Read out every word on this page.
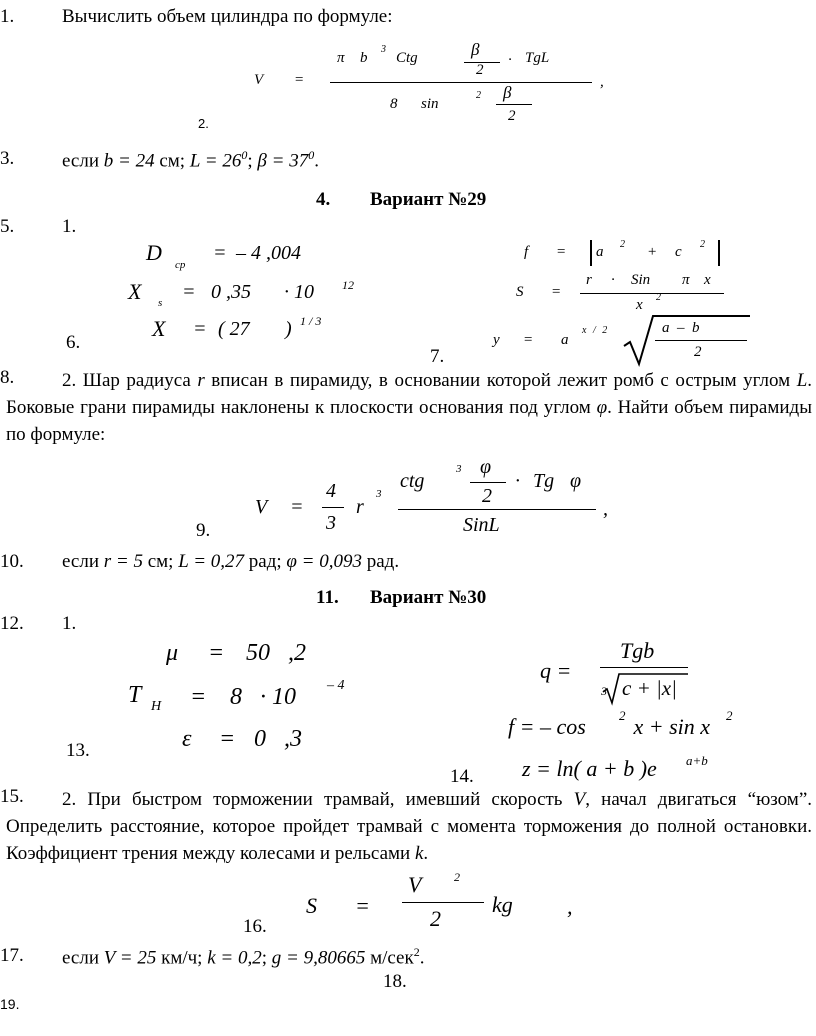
1.	Вычислить объем цилиндра по формуле:
π b
3
Ctg	β
2
· TgL
V =	,
8 sin
2 β
2
2.
3.	если b = 24 см; $L = 26^0$; $\beta = 37^0$.
4. Вариант №29
5.	1.
D ср
= – 4 ,004
X s = 0 ,35 · 10 12
X = ( 27 ) 1 / 3
6.
f = a 2 + c 2
r · Sin π x
S =
x 2
y = a
x / 2	a  –  b
2
7.
8.	2. Шар радиуса r вписан в пирамиду, в основании которой лежит ромб с острым углом L. Боковые грани пирамиды наклонены к плоскости основания под углом φ. Найти объем пирамиды по формуле:
V =
4
3
r
3
ctg
3 φ
2
· Tg φ
SinL
,
9.
10. если r = 5 см; L = 0,27 рад; φ = 0,093 рад.
11. Вариант №30
12. 1.
μ = 50   ,2
T H = 8   · 10 – 4
ε = 0   ,3
13.
Tgb
q =
3 c + |x|
f = – cos	2 x + sin x 2
z = ln( a + b )e a+b
14.
15.	2. При быстром торможении трамвай, имевший скорость V, начал двигаться “юзом”. Определить расстояние, которое пройдет трамвай с момента торможения до полной остановки. Коэффициент трения между колесами и рельсами k.
S =
V	2
2
kg ,
16.
17. если V = 25 км/ч; k = 0,2; g = 9,80665 м/сек$^2$.
18.
19.
